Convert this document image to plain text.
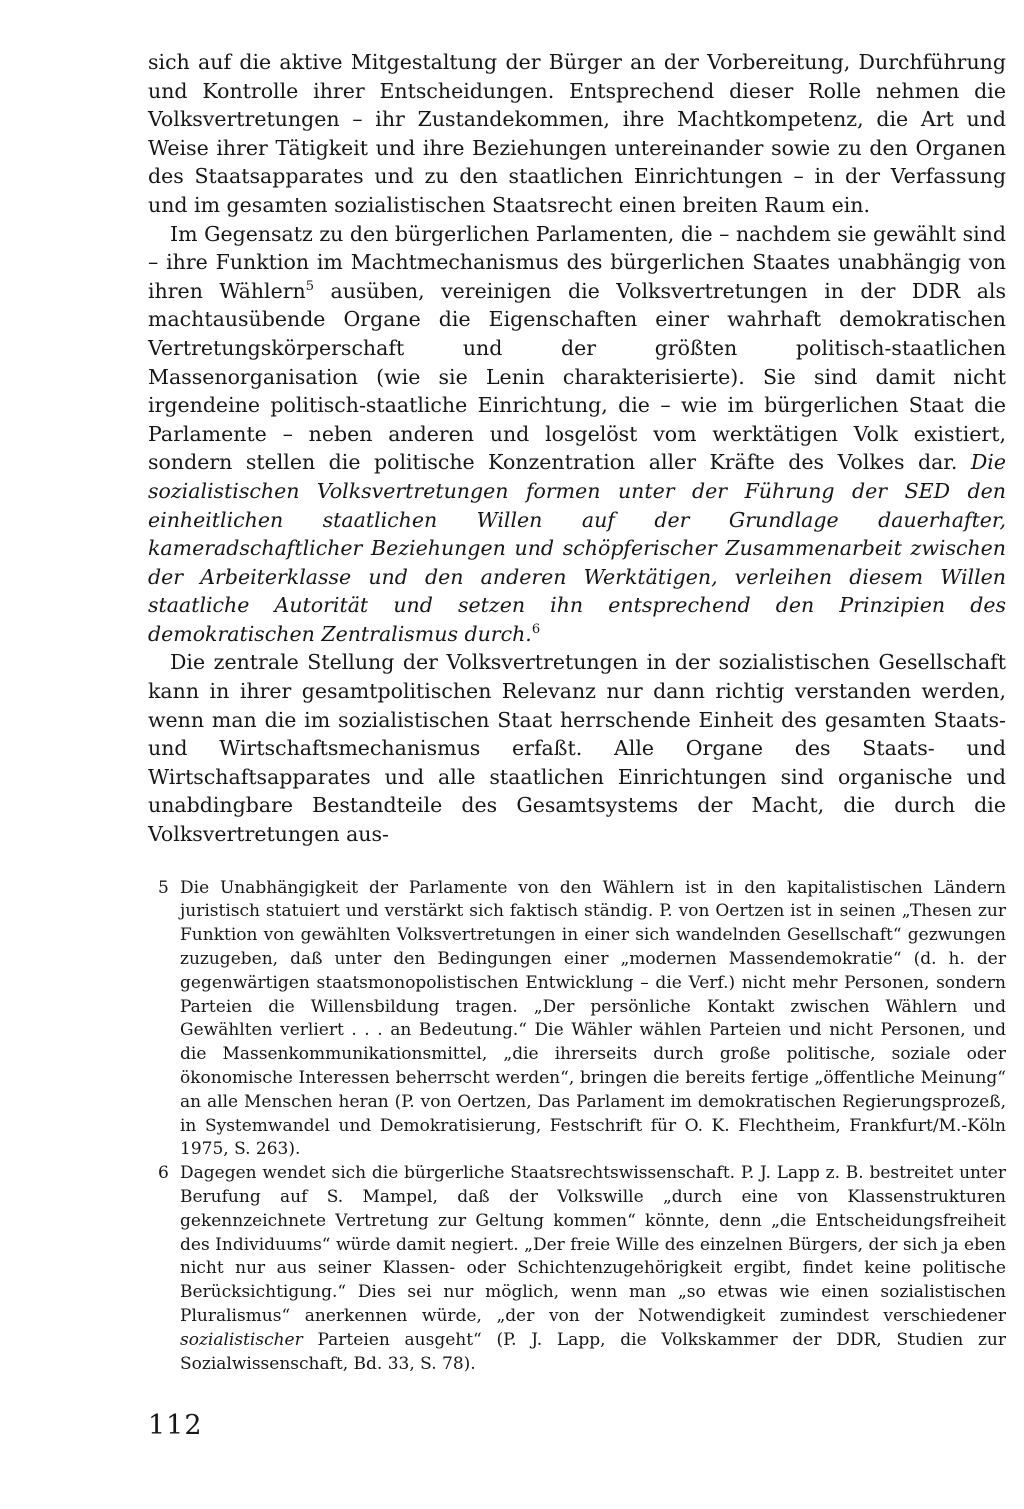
sich auf die aktive Mitgestaltung der Bürger an der Vorbereitung, Durchführung und Kontrolle ihrer Entscheidungen. Entsprechend dieser Rolle nehmen die Volksvertretungen – ihr Zustandekommen, ihre Machtkompetenz, die Art und Weise ihrer Tätigkeit und ihre Beziehungen untereinander sowie zu den Organen des Staatsapparates und zu den staatlichen Einrichtungen – in der Verfassung und im gesamten sozialistischen Staatsrecht einen breiten Raum ein.

Im Gegensatz zu den bürgerlichen Parlamenten, die – nachdem sie gewählt sind – ihre Funktion im Machtmechanismus des bürgerlichen Staates unabhängig von ihren Wählern$^5$ ausüben, vereinigen die Volksvertretungen in der DDR als machtausübende Organe die Eigenschaften einer wahrhaft demokratischen Vertretungskörperschaft und der größten politisch-staatlichen Massenorganisation (wie sie Lenin charakterisierte). Sie sind damit nicht irgendeine politisch-staatliche Einrichtung, die – wie im bürgerlichen Staat die Parlamente – neben anderen und losgelöst vom werktätigen Volk existiert, sondern stellen die politische Konzentration aller Kräfte des Volkes dar. Die sozialistischen Volksvertretungen formen unter der Führung der SED den einheitlichen staatlichen Willen auf der Grundlage dauerhafter, kameradschaftlicher Beziehungen und schöpferischer Zusammenarbeit zwischen der Arbeiterklasse und den anderen Werktätigen, verleihen diesem Willen staatliche Autorität und setzen ihn entsprechend den Prinzipien des demokratischen Zentralismus durch.$^6$

Die zentrale Stellung der Volksvertretungen in der sozialistischen Gesellschaft kann in ihrer gesamtpolitischen Relevanz nur dann richtig verstanden werden, wenn man die im sozialistischen Staat herrschende Einheit des gesamten Staats- und Wirtschaftsmechanismus erfaßt. Alle Organe des Staats- und Wirtschaftsapparates und alle staatlichen Einrichtungen sind organische und unabdingbare Bestandteile des Gesamtsystems der Macht, die durch die Volksvertretungen aus-

5 Die Unabhängigkeit der Parlamente von den Wählern ist in den kapitalistischen Ländern juristisch statuiert und verstärkt sich faktisch ständig. P. von Oertzen ist in seinen „Thesen zur Funktion von gewählten Volksvertretungen in einer sich wandelnden Gesellschaft“ gezwungen zuzugeben, daß unter den Bedingungen einer „modernen Massendemokratie“ (d. h. der gegenwärtigen staatsmonopolistischen Entwicklung – die Verf.) nicht mehr Personen, sondern Parteien die Willensbildung tragen. „Der persönliche Kontakt zwischen Wählern und Gewählten verliert . . . an Bedeutung.“ Die Wähler wählen Parteien und nicht Personen, und die Massenkommunikationsmittel, „die ihrerseits durch große politische, soziale oder ökonomische Interessen beherrscht werden“, bringen die bereits fertige „öffentliche Meinung“ an alle Menschen heran (P. von Oertzen, Das Parlament im demokratischen Regierungsprozeß, in Systemwandel und Demokratisierung, Festschrift für O. K. Flechtheim, Frankfurt/M.-Köln 1975, S. 263).
6 Dagegen wendet sich die bürgerliche Staatsrechtswissenschaft. P. J. Lapp z. B. bestreitet unter Berufung auf S. Mampel, daß der Volkswille „durch eine von Klassenstrukturen gekennzeichnete Vertretung zur Geltung kommen“ könnte, denn „die Entscheidungsfreiheit des Individuums“ würde damit negiert. „Der freie Wille des einzelnen Bürgers, der sich ja eben nicht nur aus seiner Klassen- oder Schichtenzugehörigkeit ergibt, findet keine politische Berücksichtigung.“ Dies sei nur möglich, wenn man „so etwas wie einen sozialistischen Pluralismus“ anerkennen würde, „der von der Notwendigkeit zumindest verschiedener sozialistischer Parteien ausgeht“ (P. J. Lapp, die Volkskammer der DDR, Studien zur Sozialwissenschaft, Bd. 33, S. 78).
112
